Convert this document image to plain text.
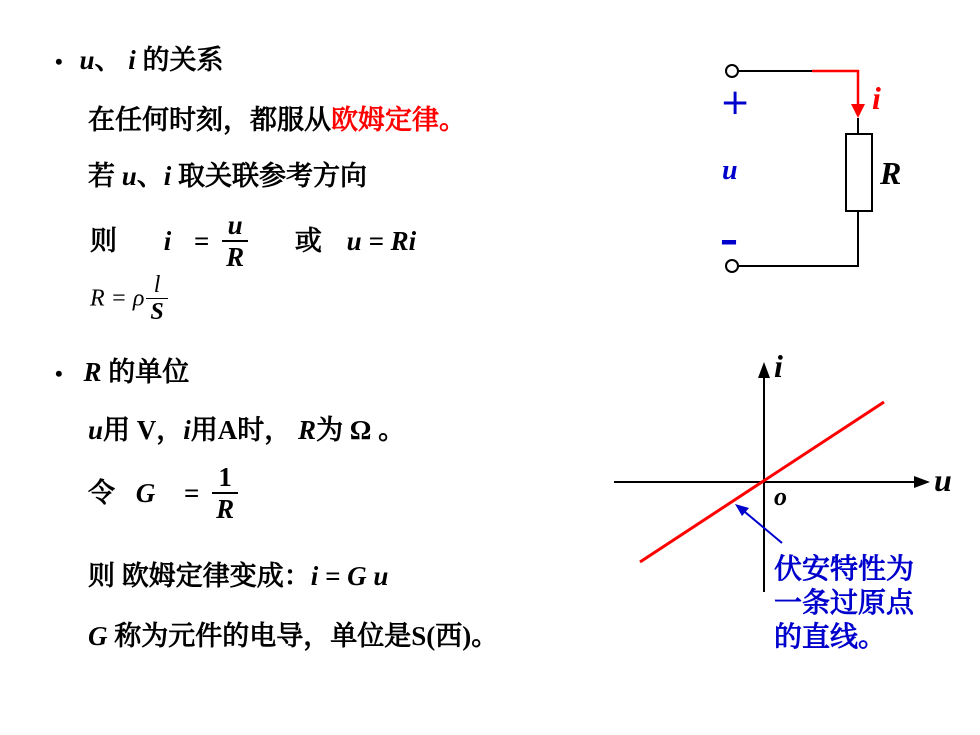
• u、 i 的关系
在任何时刻，都服从欧姆定律。
若 u、i 取关联参考方向
则 $i = \frac{u}{R}$ 或 u = Ri
R = ρ $\frac{l}{S}$
• R 的单位
u用 V，i用A时， R为 Ω 。
令 $G = \frac{1}{R}$
则 欧姆定律变成：i = G u
G 称为元件的电导，单位是S(西)。
+
u
–
i
R
i
u
o
伏安特性为
一条过原点
的直线。
